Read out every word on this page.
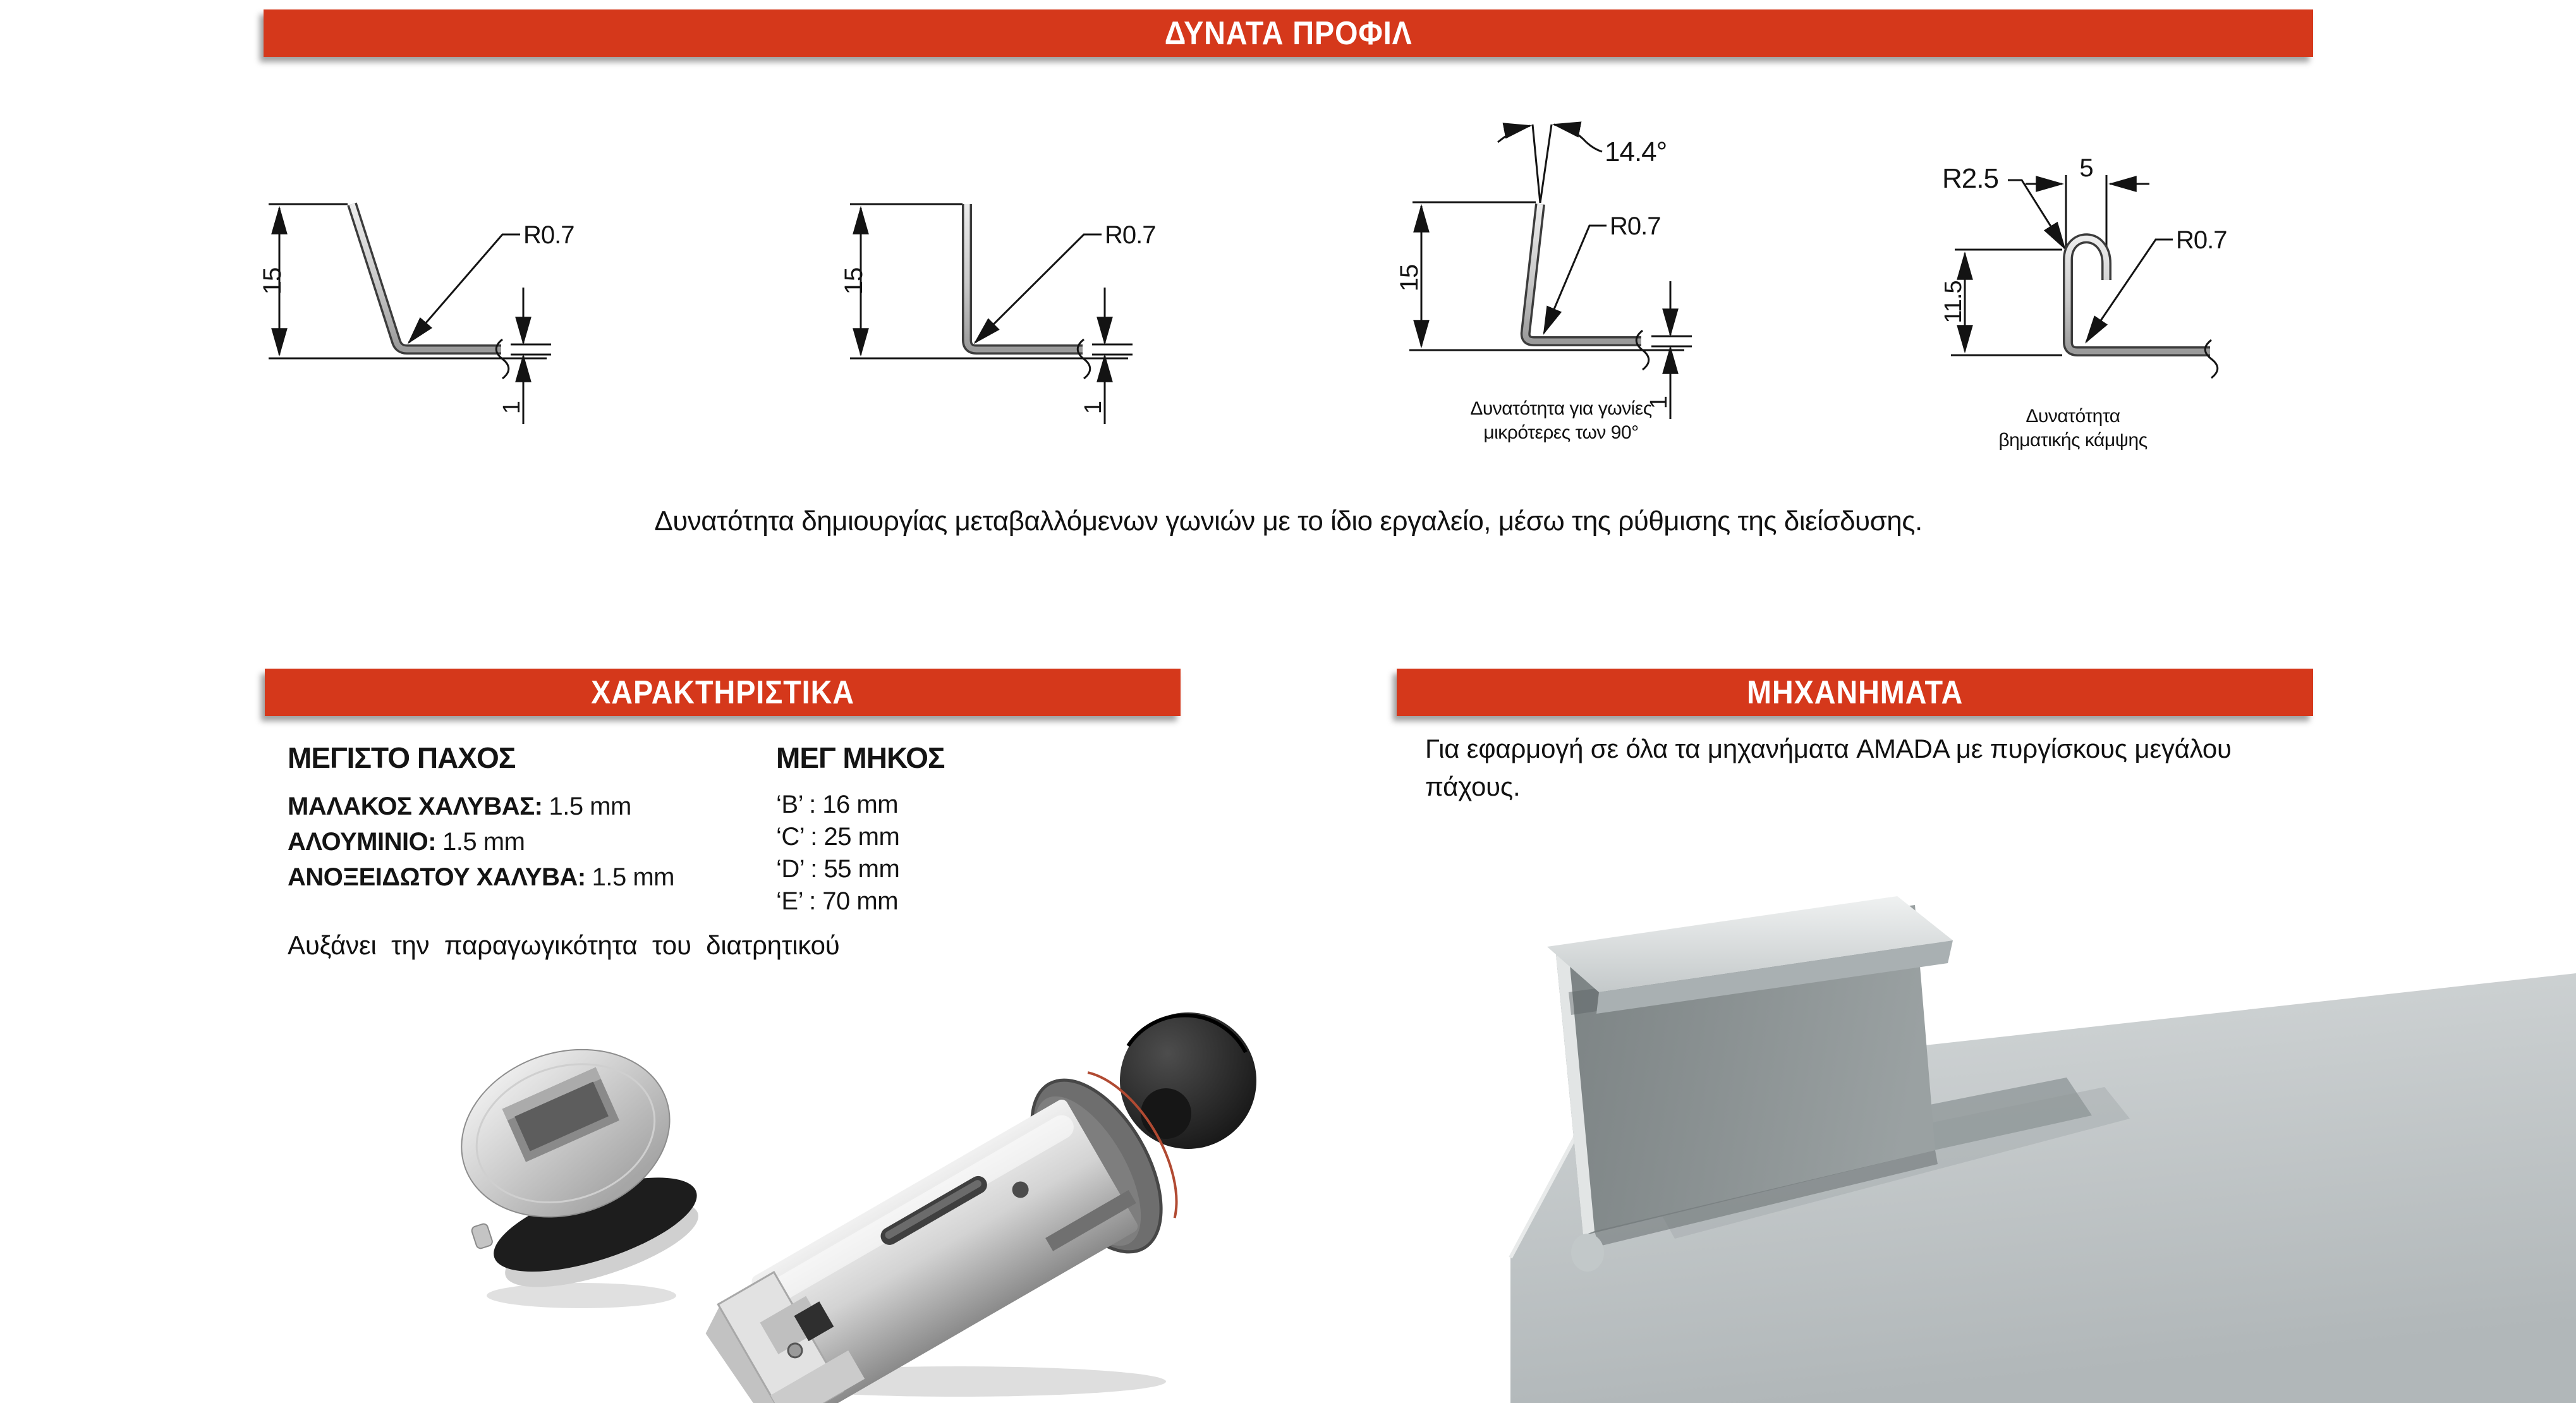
ΔΥΝΑΤΑ ΠΡΟΦΙΛ
15
R0.7
1
15
R0.7
1
14.4°
15
R0.7
1
Δυνατότητα για γωνίες
μικρότερες των 90°
R2.5	5
11.5
R0.7
Δυνατότητα
βηματικής κάμψης
Δυνατότητα δημιουργίας μεταβαλλόμενων γωνιών με το ίδιο εργαλείο, μέσω της ρύθμισης της διείσδυσης.
ΧΑΡΑΚΤΗΡΙΣΤΙΚΑ
ΜΕΓΙΣΤΟ ΠΑΧΟΣ
ΜΑΛΑΚΟΣ ΧΑΛΥΒΑΣ: 1.5 mm
ΑΛΟΥΜΙΝΙΟ: 1.5 mm
ΑΝΟΞΕΙΔΩΤΟΥ ΧΑΛΥΒΑ: 1.5 mm
ΜΕΓ ΜΗΚΟΣ
‘B’ : 16 mm
‘C’ : 25 mm
‘D’ : 55 mm
‘E’ : 70 mm
Αυξάνει την παραγωγικότητα του διατρητικού
ΜΗΧΑΝΗΜΑΤΑ
Για εφαρμογή σε όλα τα μηχανήματα AMADA με πυργίσκους μεγάλου πάχους.
